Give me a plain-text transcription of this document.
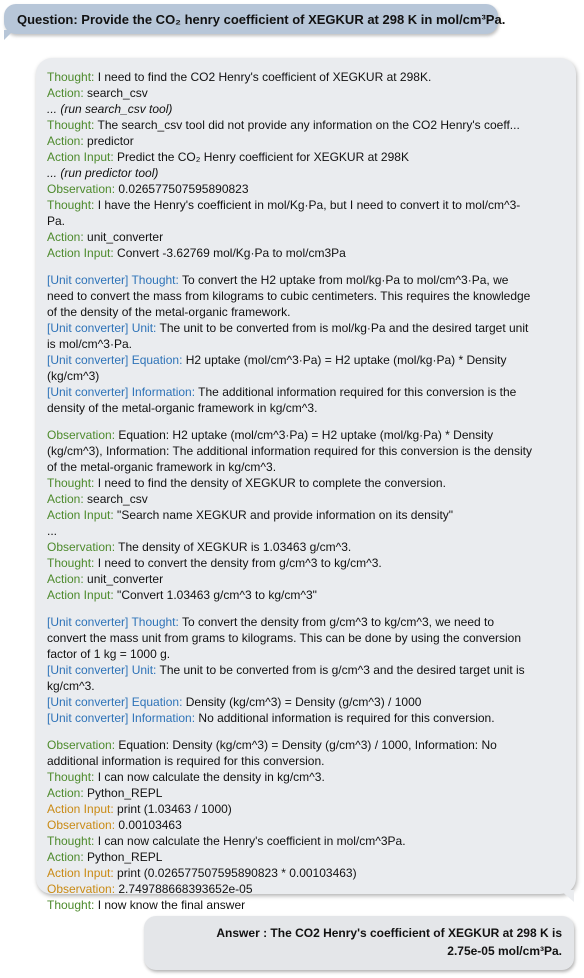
Question: Provide the CO₂ henry coefficient of XEGKUR at 298 K in mol/cm³Pa.
Thought: I need to find the CO2 Henry's coefficient of XEGKUR at 298K.
Action: search_csv
... (run search_csv tool)
Thought: The search_csv tool did not provide any information on the CO2 Henry's coeff...
Action: predictor
Action Input: Predict the CO₂ Henry coefficient for XEGKUR at 298K
... (run predictor tool)
Observation: 0.026577507595890823
Thought: I have the Henry's coefficient in mol/Kg·Pa, but I need to convert it to mol/cm^3-
Pa.
Action: unit_converter
Action Input: Convert -3.62769 mol/Kg·Pa to mol/cm3Pa
[Unit converter] Thought: To convert the H2 uptake from mol/kg·Pa to mol/cm^3·Pa, we
need to convert the mass from kilograms to cubic centimeters. This requires the knowledge
of the density of the metal-organic framework.
[Unit converter] Unit: The unit to be converted from is mol/kg·Pa and the desired target unit
is mol/cm^3·Pa.
[Unit converter] Equation: H2 uptake (mol/cm^3·Pa) = H2 uptake (mol/kg·Pa) * Density
(kg/cm^3)
[Unit converter] Information: The additional information required for this conversion is the
density of the metal-organic framework in kg/cm^3.
Observation: Equation: H2 uptake (mol/cm^3·Pa) = H2 uptake (mol/kg·Pa) * Density
(kg/cm^3), Information: The additional information required for this conversion is the density
of the metal-organic framework in kg/cm^3.
Thought: I need to find the density of XEGKUR to complete the conversion.
Action: search_csv
Action Input: "Search name XEGKUR and provide information on its density"
...
Observation: The density of XEGKUR is 1.03463 g/cm^3.
Thought: I need to convert the density from g/cm^3 to kg/cm^3.
Action: unit_converter
Action Input: "Convert 1.03463 g/cm^3 to kg/cm^3"
[Unit converter] Thought: To convert the density from g/cm^3 to kg/cm^3, we need to
convert the mass unit from grams to kilograms. This can be done by using the conversion
factor of 1 kg = 1000 g.
[Unit converter] Unit: The unit to be converted from is g/cm^3 and the desired target unit is
kg/cm^3.
[Unit converter] Equation: Density (kg/cm^3) = Density (g/cm^3) / 1000
[Unit converter] Information: No additional information is required for this conversion.
Observation: Equation: Density (kg/cm^3) = Density (g/cm^3) / 1000, Information: No
additional information is required for this conversion.
Thought: I can now calculate the density in kg/cm^3.
Action: Python_REPL
Action Input: print (1.03463 / 1000)
Observation: 0.00103463
Thought: I can now calculate the Henry's coefficient in mol/cm^3Pa.
Action: Python_REPL
Action Input: print (0.026577507595890823 * 0.00103463)
Observation: 2.749788668393652e-05
Thought: I now know the final answer
Answer : The CO2 Henry's coefficient of XEGKUR at 298 K is
2.75e-05 mol/cm³Pa.
